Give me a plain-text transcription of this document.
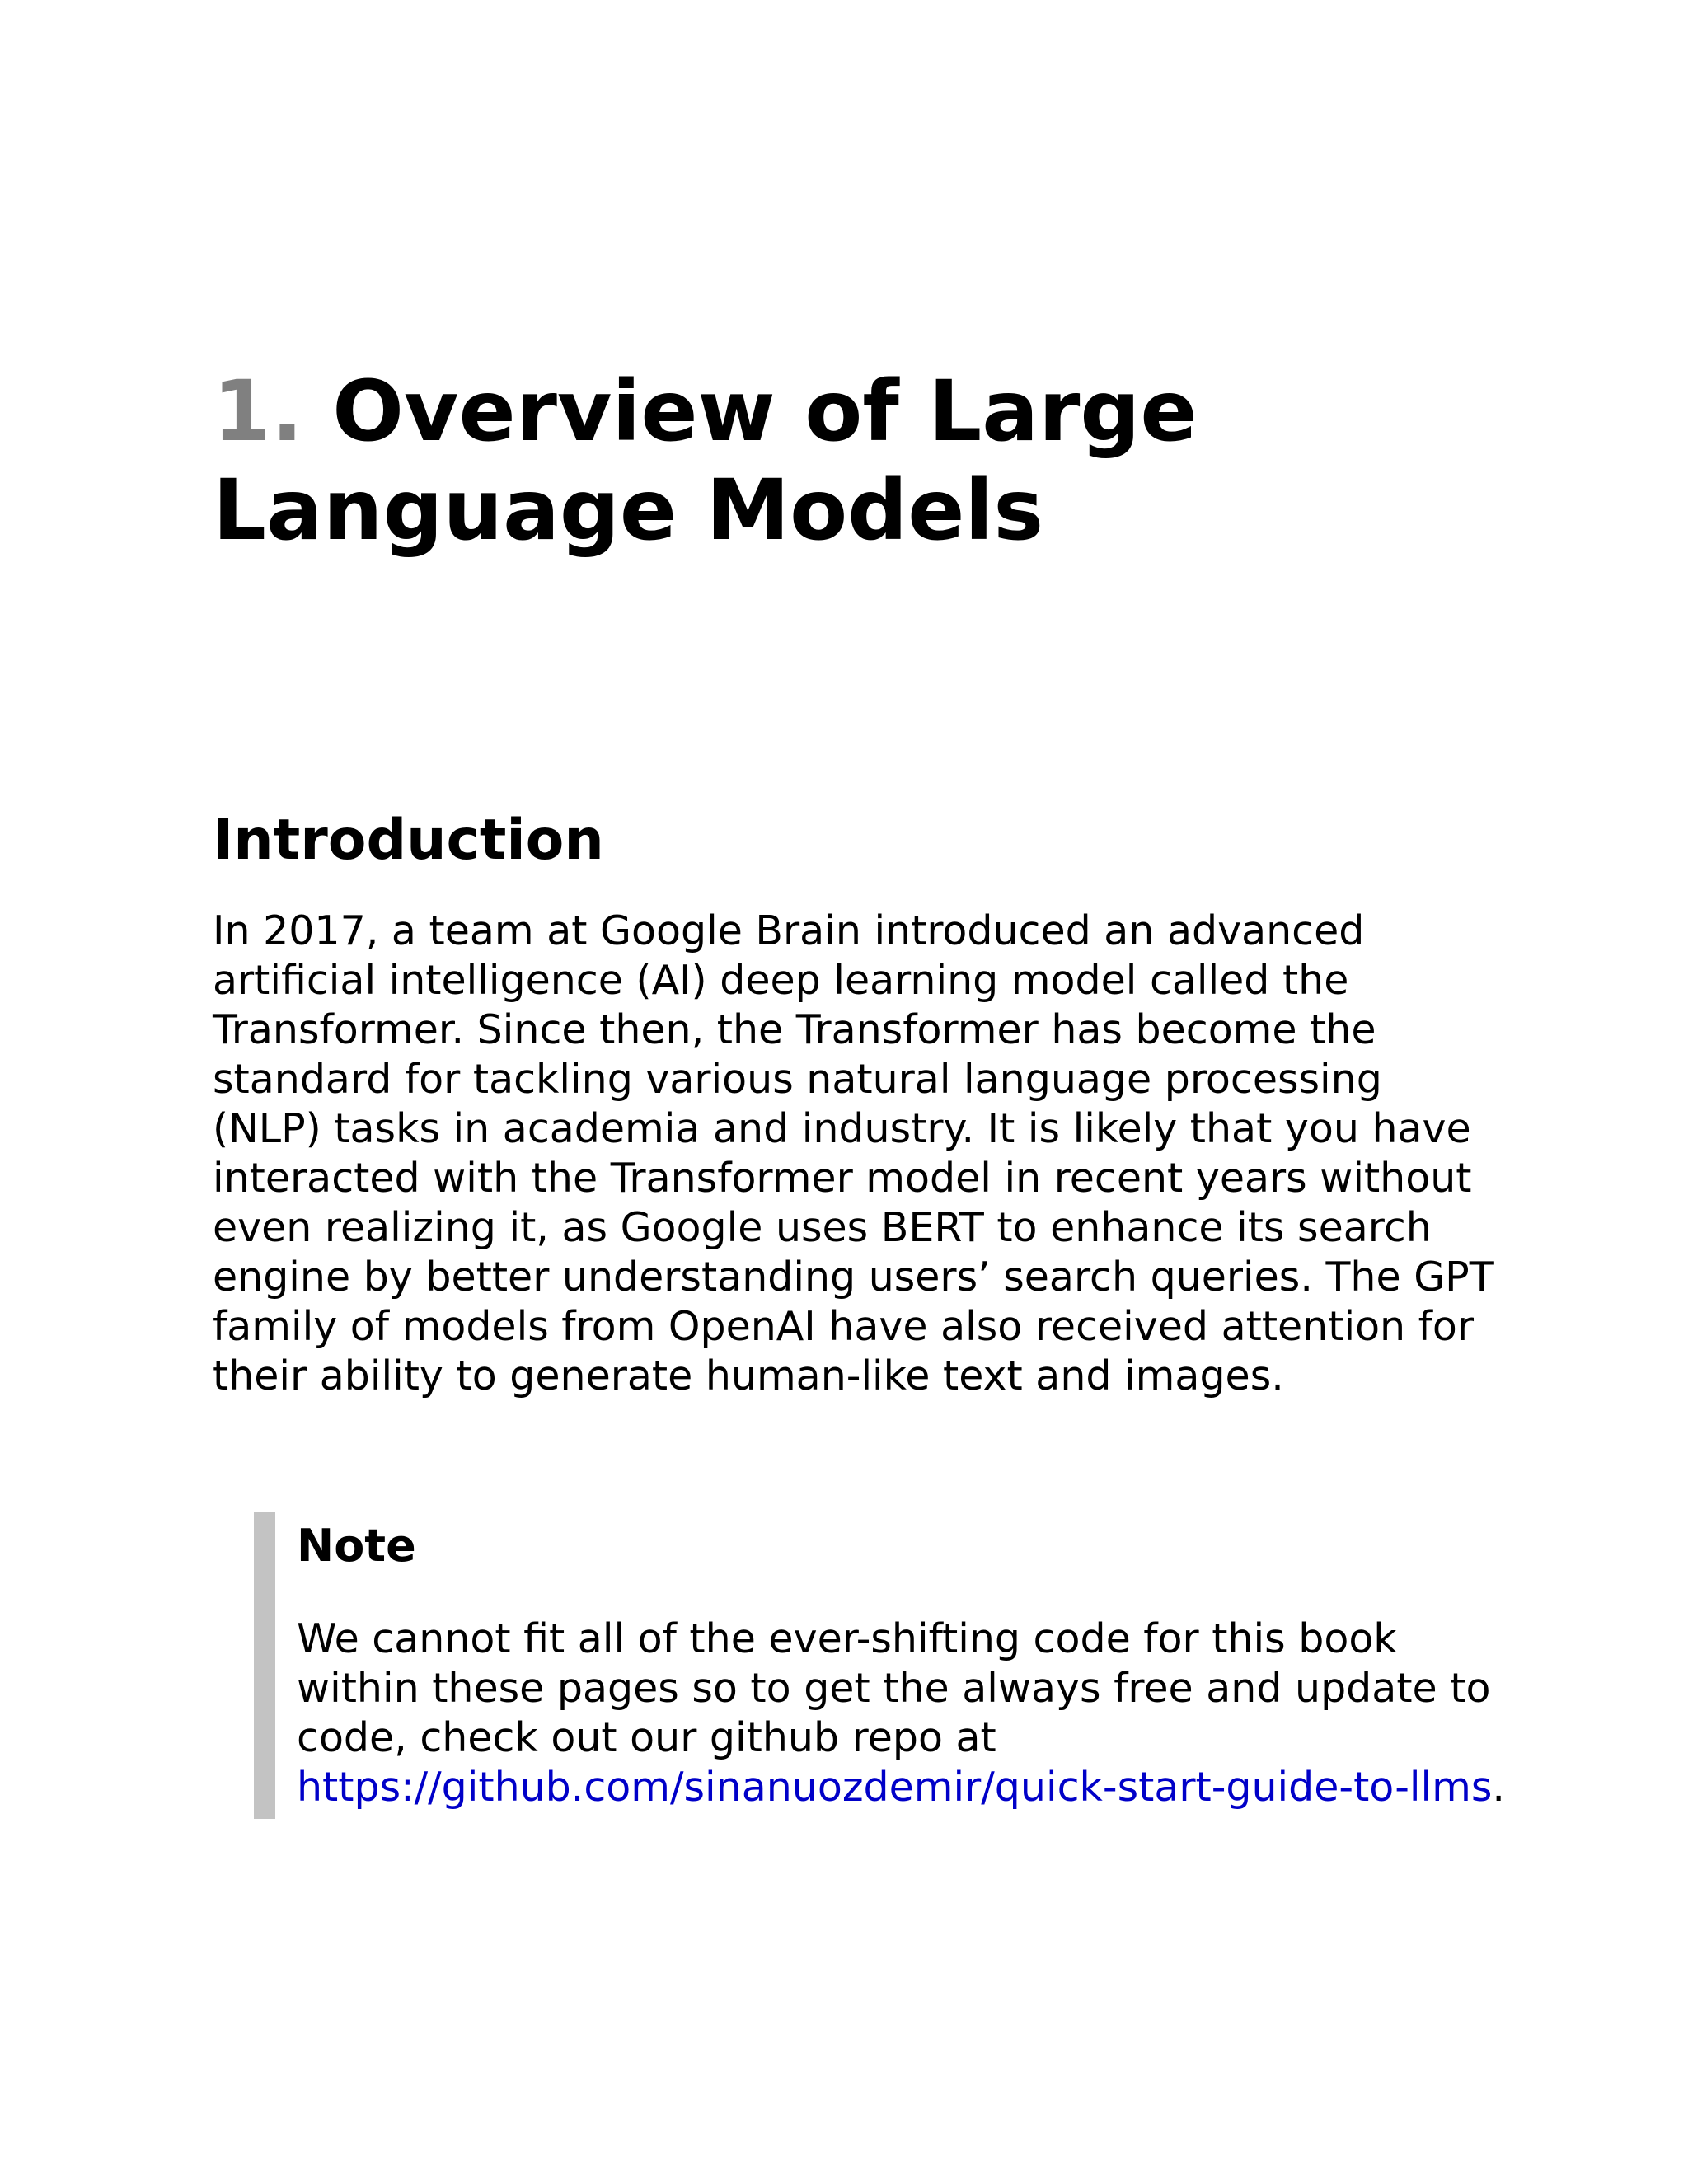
1. Overview of Large
Language Models
Introduction

In 2017, a team at Google Brain introduced an advanced artificial intelligence (AI) deep learning model called the Transformer. Since then, the Transformer has become the standard for tackling various natural language processing (NLP) tasks in academia and industry. It is likely that you have interacted with the Transformer model in recent years without even realizing it, as Google uses BERT to enhance its search engine by better understanding users’ search queries. The GPT family of models from OpenAI have also received attention for their ability to generate human-like text and images.

Note

We cannot fit all of the ever-shifting code for this book within these pages so to get the always free and update to code, check out our github repo at https://github.com/sinanuozdemir/quick-start-guide-to-llms.
